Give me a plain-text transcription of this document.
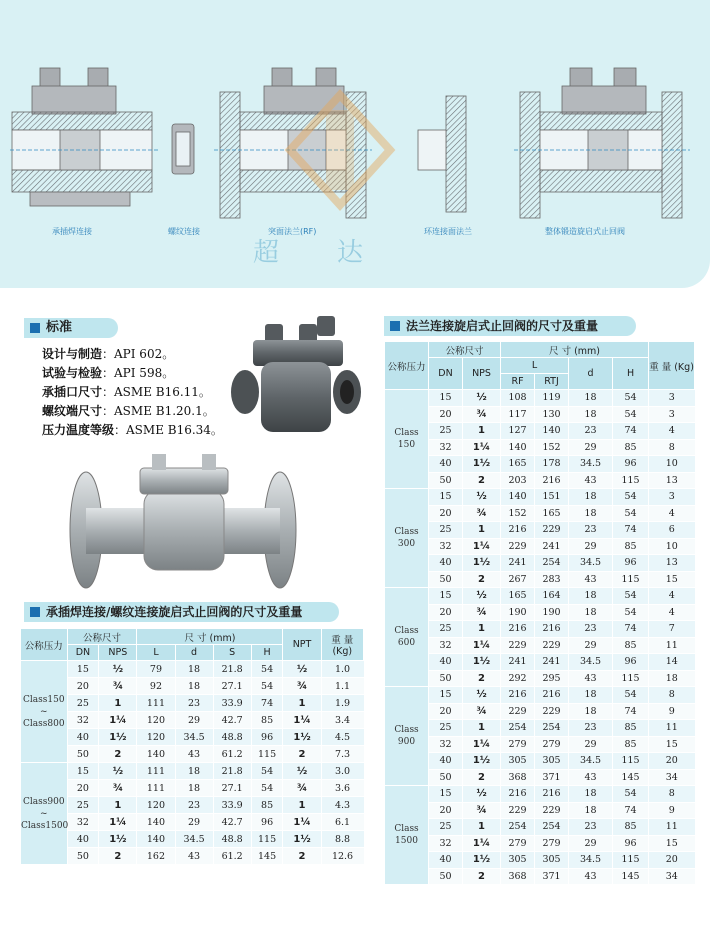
承插焊连接	螺纹连接	突面法兰(RF)	环连接面法兰	整体锻造旋启式止回阀
超达
标准
设计与制造：API 602。
试验与检验：API 598。
承插口尺寸：ASME B16.11。
螺纹端尺寸：ASME B1.20.1。
压力温度等级：ASME B16.34。
承插焊连接/螺纹连接旋启式止回阀的尺寸及重量
公称压力	公称尺寸		尺 寸 (mm)				NPT	重 量 (Kg)
	DN	NPS	L	d	S	H		
Class150 ~ Class800	15	½	79	18	21.8	54	½	1.0
	20	¾	92	18	27.1	54	¾	1.1
	25	1	111	23	33.9	74	1	1.9
	32	1¼	120	29	42.7	85	1¼	3.4
	40	1½	120	34.5	48.8	96	1½	4.5
	50	2	140	43	61.2	115	2	7.3
Class900 ~ Class1500	15	½	111	18	21.8	54	½	3.0
	20	¾	111	18	27.1	54	¾	3.6
	25	1	120	23	33.9	85	1	4.3
	32	1¼	140	29	42.7	96	1¼	6.1
	40	1½	140	34.5	48.8	115	1½	8.8
	50	2	162	43	61.2	145	2	12.6
法兰连接旋启式止回阀的尺寸及重量
公称压力	公称尺寸		尺 寸 (mm)				重 量 (Kg)
	DN	NPS	L		d	H	
			RF	RTJ			
Class 150	15	½	108	119	18	54	3
	20	¾	117	130	18	54	3
	25	1	127	140	23	74	4
	32	1¼	140	152	29	85	8
	40	1½	165	178	34.5	96	10
	50	2	203	216	43	115	13
Class 300	15	½	140	151	18	54	3
	20	¾	152	165	18	54	4
	25	1	216	229	23	74	6
	32	1¼	229	241	29	85	10
	40	1½	241	254	34.5	96	13
	50	2	267	283	43	115	15
Class 600	15	½	165	164	18	54	4
	20	¾	190	190	18	54	4
	25	1	216	216	23	74	7
	32	1¼	229	229	29	85	11
	40	1½	241	241	34.5	96	14
	50	2	292	295	43	115	18
Class 900	15	½	216	216	18	54	8
	20	¾	229	229	18	74	9
	25	1	254	254	23	85	11
	32	1¼	279	279	29	85	15
	40	1½	305	305	34.5	115	20
	50	2	368	371	43	145	34
Class 1500	15	½	216	216	18	54	8
	20	¾	229	229	18	74	9
	25	1	254	254	23	85	11
	32	1¼	279	279	29	96	15
	40	1½	305	305	34.5	115	20
	50	2	368	371	43	145	34
